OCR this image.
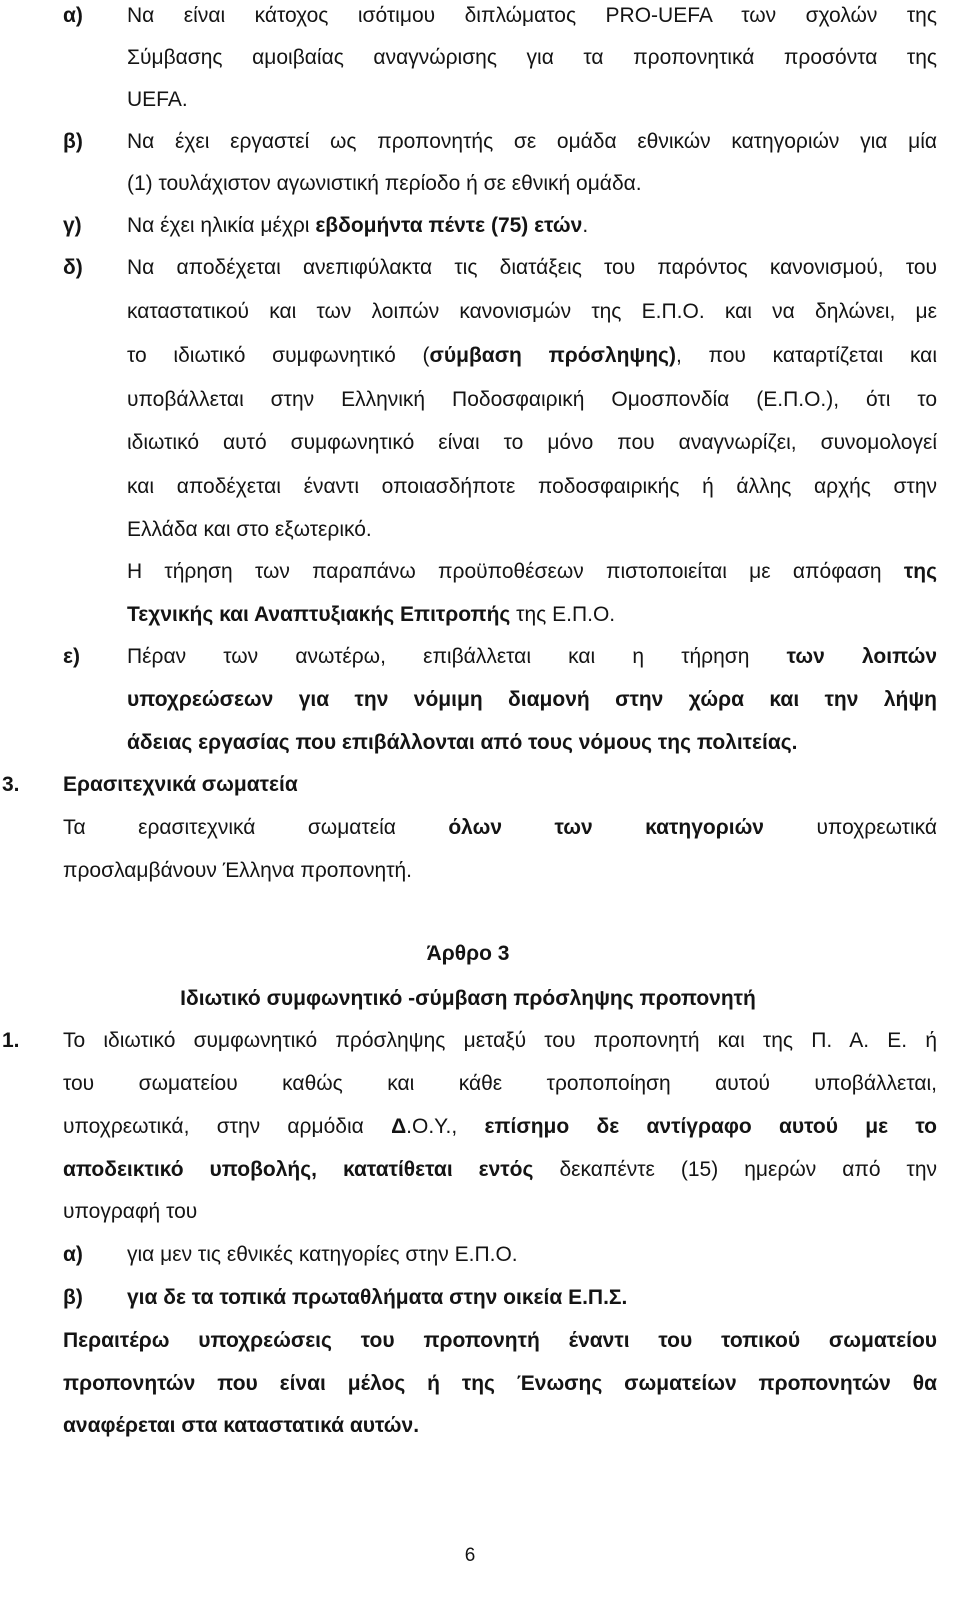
α) Να είναι κάτοχος ισότιμου διπλώματος PRO-UEFA των σχολών της
Σύμβασης αμοιβαίας αναγνώρισης για τα προπονητικά προσόντα της
UEFA.
β) Να έχει εργαστεί ως προπονητής σε ομάδα εθνικών κατηγοριών για μία
(1) τουλάχιστον αγωνιστική περίοδο ή σε εθνική ομάδα.
γ) Να έχει ηλικία μέχρι εβδομήντα πέντε (75) ετών.
δ) Να αποδέχεται ανεπιφύλακτα τις διατάξεις του παρόντος κανονισμού, του
καταστατικού και των λοιπών κανονισμών της Ε.Π.Ο. και να δηλώνει, με
το ιδιωτικό συμφωνητικό (σύμβαση πρόσληψης), που καταρτίζεται και
υποβάλλεται στην Ελληνική Ποδοσφαιρική Ομοσπονδία (Ε.Π.Ο.), ότι το
ιδιωτικό αυτό συμφωνητικό είναι το μόνο που αναγνωρίζει, συνομολογεί
και αποδέχεται έναντι οποιασδήποτε ποδοσφαιρικής ή άλλης αρχής στην
Ελλάδα και στο εξωτερικό.
Η τήρηση των παραπάνω προϋποθέσεων πιστοποιείται με απόφαση της
Τεχνικής και Αναπτυξιακής Επιτροπής της Ε.Π.Ο.
ε) Πέραν των ανωτέρω, επιβάλλεται και η τήρηση των λοιπών
υποχρεώσεων για την νόμιμη διαμονή στην χώρα και την λήψη
άδειας εργασίας που επιβάλλονται από τους νόμους της πολιτείας.
3. Ερασιτεχνικά σωματεία
Τα ερασιτεχνικά σωματεία όλων των κατηγοριών υποχρεωτικά
προσλαμβάνουν Έλληνα προπονητή.
Άρθρο 3
Ιδιωτικό συμφωνητικό -σύμβαση πρόσληψης προπονητή
1. Το ιδιωτικό συμφωνητικό πρόσληψης μεταξύ του προπονητή και της Π. Α. Ε. ή
του σωματείου καθώς και κάθε τροποποίηση αυτού υποβάλλεται,
υποχρεωτικά, στην αρμόδια Δ.Ο.Υ., επίσημο δε αντίγραφο αυτού με το
αποδεικτικό υποβολής, κατατίθεται εντός δεκαπέντε (15) ημερών από την
υπογραφή του
α) για μεν τις εθνικές κατηγορίες στην Ε.Π.Ο.
β) για δε τα τοπικά πρωταθλήματα στην οικεία Ε.Π.Σ.
Περαιτέρω υποχρεώσεις του προπονητή έναντι του τοπικού σωματείου
προπονητών που είναι μέλος ή της Ένωσης σωματείων προπονητών θα
αναφέρεται στα καταστατικά αυτών.
6
